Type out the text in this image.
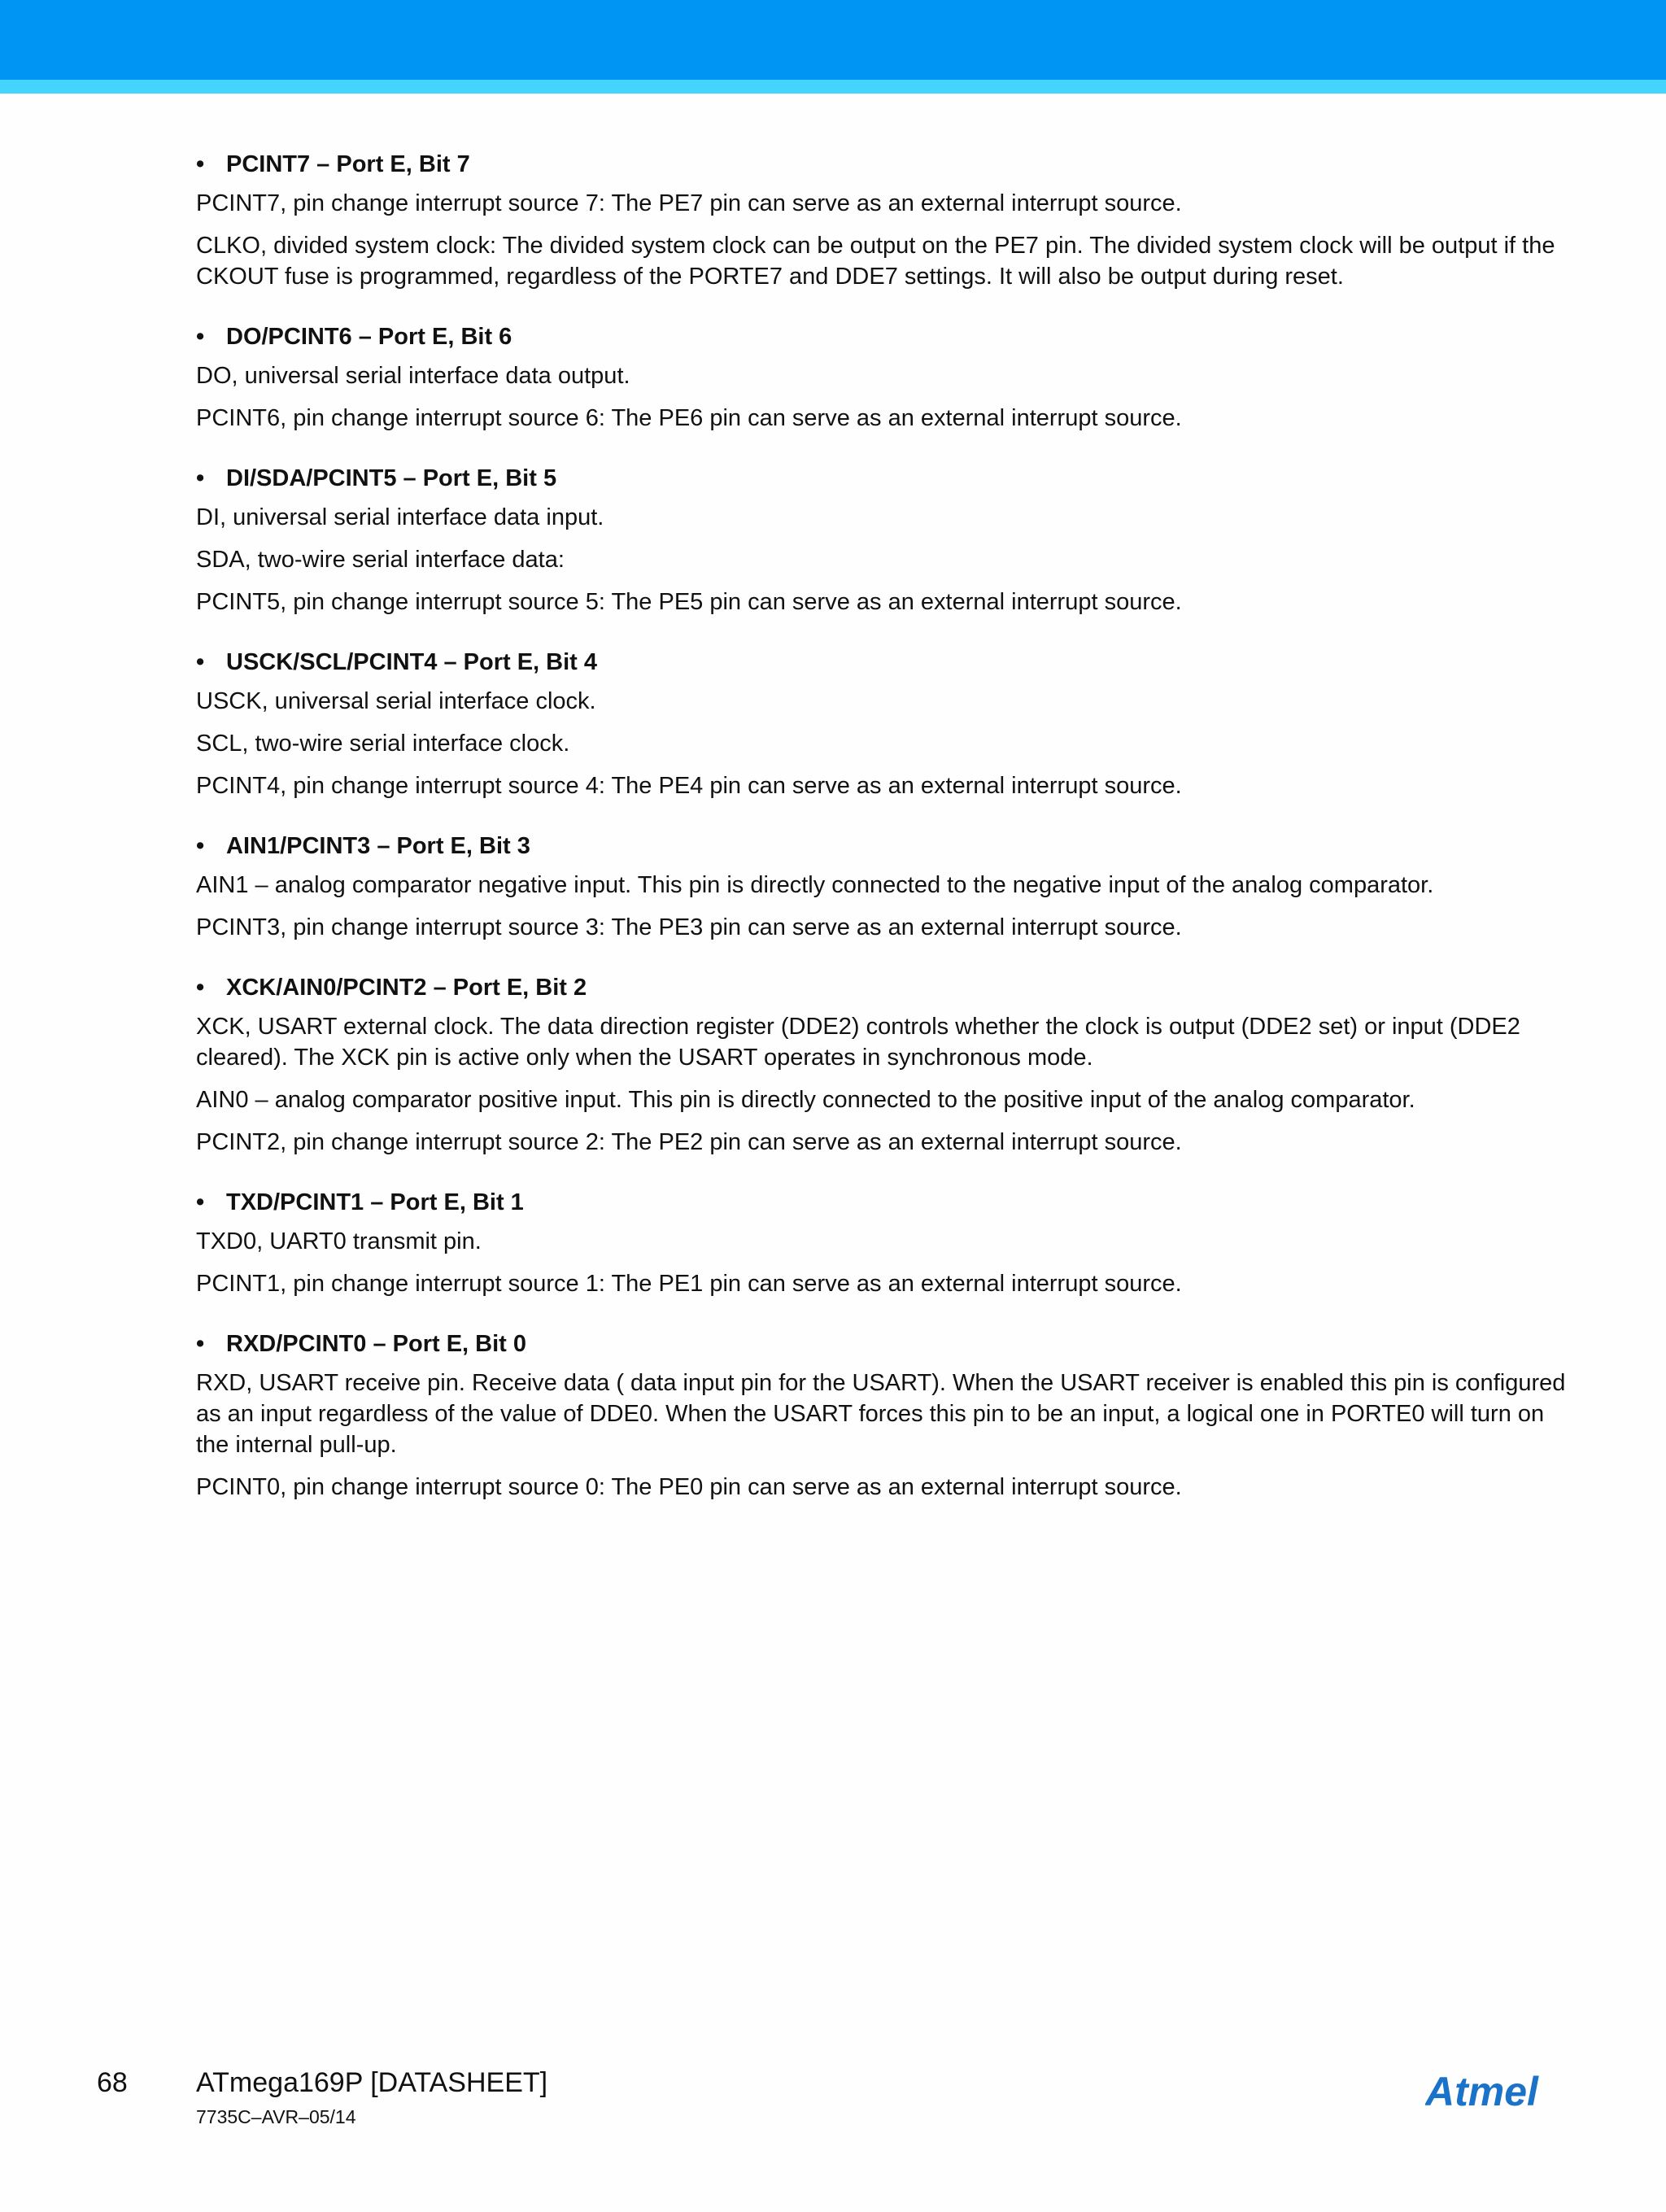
• PCINT7 – Port E, Bit 7

PCINT7, pin change interrupt source 7: The PE7 pin can serve as an external interrupt source.

CLKO, divided system clock: The divided system clock can be output on the PE7 pin. The divided system clock will be output if the CKOUT fuse is programmed, regardless of the PORTE7 and DDE7 settings. It will also be output during reset.

• DO/PCINT6 – Port E, Bit 6

DO, universal serial interface data output.

PCINT6, pin change interrupt source 6: The PE6 pin can serve as an external interrupt source.

• DI/SDA/PCINT5 – Port E, Bit 5

DI, universal serial interface data input.

SDA, two-wire serial interface data:

PCINT5, pin change interrupt source 5: The PE5 pin can serve as an external interrupt source.

• USCK/SCL/PCINT4 – Port E, Bit 4

USCK, universal serial interface clock.

SCL, two-wire serial interface clock.

PCINT4, pin change interrupt source 4: The PE4 pin can serve as an external interrupt source.

• AIN1/PCINT3 – Port E, Bit 3

AIN1 – analog comparator negative input. This pin is directly connected to the negative input of the analog comparator.

PCINT3, pin change interrupt source 3: The PE3 pin can serve as an external interrupt source.

• XCK/AIN0/PCINT2 – Port E, Bit 2

XCK, USART external clock. The data direction register (DDE2) controls whether the clock is output (DDE2 set) or input (DDE2 cleared). The XCK pin is active only when the USART operates in synchronous mode.

AIN0 – analog comparator positive input. This pin is directly connected to the positive input of the analog comparator.

PCINT2, pin change interrupt source 2: The PE2 pin can serve as an external interrupt source.

• TXD/PCINT1 – Port E, Bit 1

TXD0, UART0 transmit pin.

PCINT1, pin change interrupt source 1: The PE1 pin can serve as an external interrupt source.

• RXD/PCINT0 – Port E, Bit 0

RXD, USART receive pin. Receive data ( data input pin for the USART). When the USART receiver is enabled this pin is configured as an input regardless of the value of DDE0. When the USART forces this pin to be an input, a logical one in PORTE0 will turn on the internal pull-up.

PCINT0, pin change interrupt source 0: The PE0 pin can serve as an external interrupt source.

68 ATmega169P [DATASHEET]
7735C–AVR–05/14
Atmel
